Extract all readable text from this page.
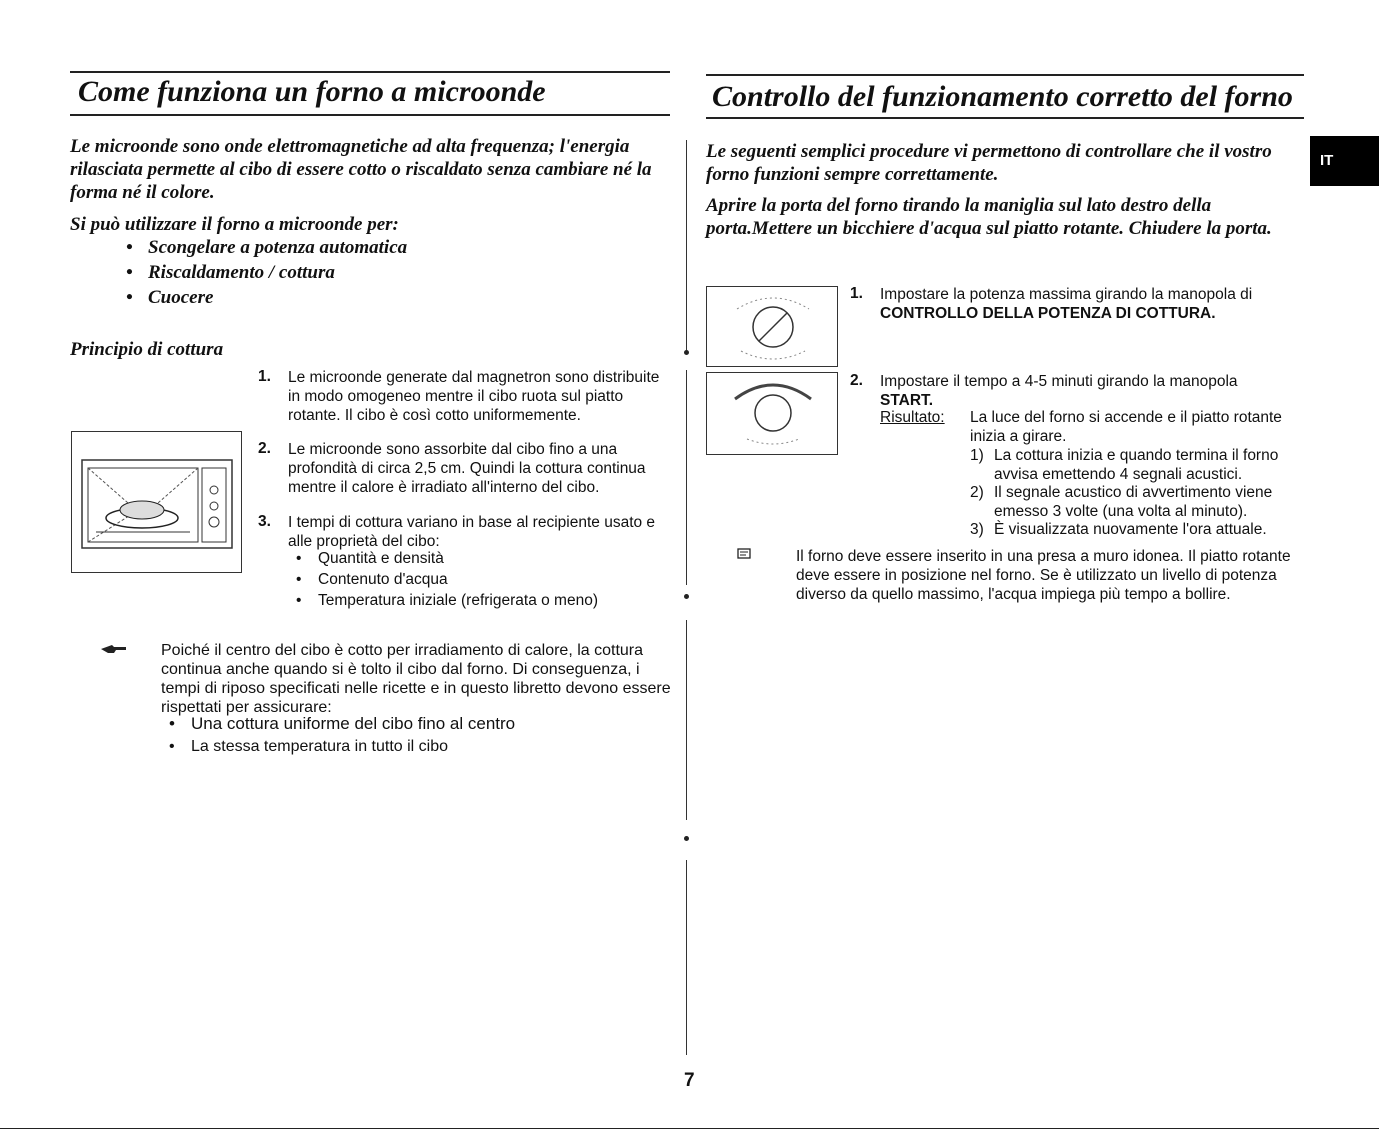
Come funziona un forno a microonde
Le microonde sono onde elettromagnetiche ad alta frequenza; l'energia rilasciata permette al cibo di essere cotto o riscaldato senza cambiare né la forma né il colore.
Si può utilizzare il forno a microonde per:
• Scongelare a potenza automatica
• Riscaldamento / cottura
• Cuocere
Principio di cottura
1. Le microonde generate dal magnetron sono distribuite in modo omogeneo mentre il cibo ruota sul piatto rotante. Il cibo è così cotto uniformemente.
2. Le microonde sono assorbite dal cibo fino a una profondità di circa 2,5 cm. Quindi la cottura continua mentre il calore è irradiato all'interno del cibo.
3. I tempi di cottura variano in base al recipiente usato e alle proprietà del cibo:
• Quantità e densità
• Contenuto d'acqua
• Temperatura iniziale (refrigerata o meno)
Poiché il centro del cibo è cotto per irradiamento di calore, la cottura continua anche quando si è tolto il cibo dal forno. Di conseguenza, i tempi di riposo specificati nelle ricette e in questo libretto devono essere rispettati per assicurare:
• Una cottura uniforme del cibo fino al centro
• La stessa temperatura in tutto il cibo
Controllo del funzionamento corretto del forno
Le seguenti semplici procedure vi permettono di controllare che il vostro forno funzioni sempre correttamente.
Aprire la porta del forno tirando la maniglia sul lato destro della porta.Mettere un bicchiere d'acqua sul piatto rotante. Chiudere la porta.
1. Impostare la potenza massima girando la manopola di
CONTROLLO DELLA POTENZA DI COTTURA.
2. Impostare il tempo a 4-5 minuti girando la manopola
START.
Risultato: La luce del forno si accende e il piatto rotante inizia a girare.
1) La cottura inizia e quando termina il forno avvisa emettendo 4 segnali acustici.
2) Il segnale acustico di avvertimento viene emesso 3 volte (una volta al minuto).
3) È visualizzata nuovamente l'ora attuale.
Il forno deve essere inserito in una presa a muro idonea. Il piatto rotante deve essere in posizione nel forno. Se è utilizzato un livello di potenza diverso da quello massimo, l'acqua impiega più tempo a bollire.
IT
7
